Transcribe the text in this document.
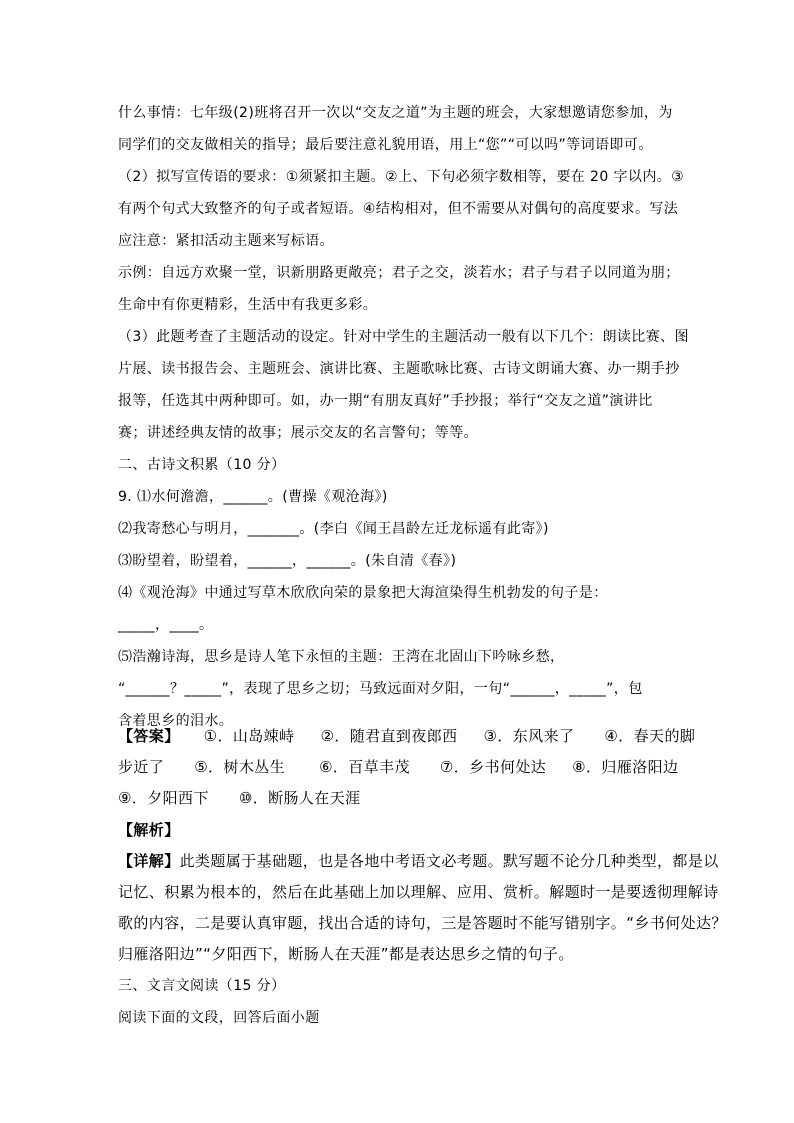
什么事情：七年级(2)班将召开一次以“交友之道”为主题的班会，大家想邀请您参加，为
同学们的交友做相关的指导；最后要注意礼貌用语，用上“您”“可以吗”等词语即可。
（2）拟写宣传语的要求：①须紧扣主题。②上、下句必须字数相等，要在 20 字以内。③
有两个句式大致整齐的句子或者短语。④结构相对，但不需要从对偶句的高度要求。写法
应注意：紧扣活动主题来写标语。
示例：自远方欢聚一堂，识新朋路更敞亮；君子之交，淡若水；君子与君子以同道为朋；
生命中有你更精彩，生活中有我更多彩。
（3）此题考查了主题活动的设定。针对中学生的主题活动一般有以下几个：朗读比赛、图
片展、读书报告会、主题班会、演讲比赛、主题歌咏比赛、古诗文朗诵大赛、办一期手抄
报等，任选其中两种即可。如，办一期“有朋友真好”手抄报；举行“交友之道”演讲比
赛；讲述经典友情的故事；展示交友的名言警句；等等。
二、古诗文积累（10 分）
9. ⑴水何澹澹，______。(曹操《观沧海》)
⑵我寄愁心与明月，_______。(李白《闻王昌龄左迁龙标遥有此寄》)
⑶盼望着，盼望着，______，______。(朱自清《春》)
⑷《观沧海》中通过写草木欣欣向荣的景象把大海渲染得生机勃发的句子是：
_____，____。
⑸浩瀚诗海，思乡是诗人笔下永恒的主题：王湾在北固山下吟咏乡愁，
“______？_____”，表现了思乡之切；马致远面对夕阳，一句“______，_____”，包
含着思乡的泪水。
【答案】 ①．山岛竦峙 ②．随君直到夜郎西 ③．东风来了 ④．春天的脚
步近了 ⑤．树木丛生 ⑥．百草丰茂 ⑦．乡书何处达 ⑧．归雁洛阳边
⑨．夕阳西下 ⑩．断肠人在天涯
【解析】
【详解】此类题属于基础题，也是各地中考语文必考题。默写题不论分几种类型，都是以
记忆、积累为根本的，然后在此基础上加以理解、应用、赏析。解题时一是要透彻理解诗
歌的内容，二是要认真审题，找出合适的诗句，三是答题时不能写错别字。“乡书何处达？
归雁洛阳边”“夕阳西下，断肠人在天涯”都是表达思乡之情的句子。
三、文言文阅读（15 分）
阅读下面的文段，回答后面小题
